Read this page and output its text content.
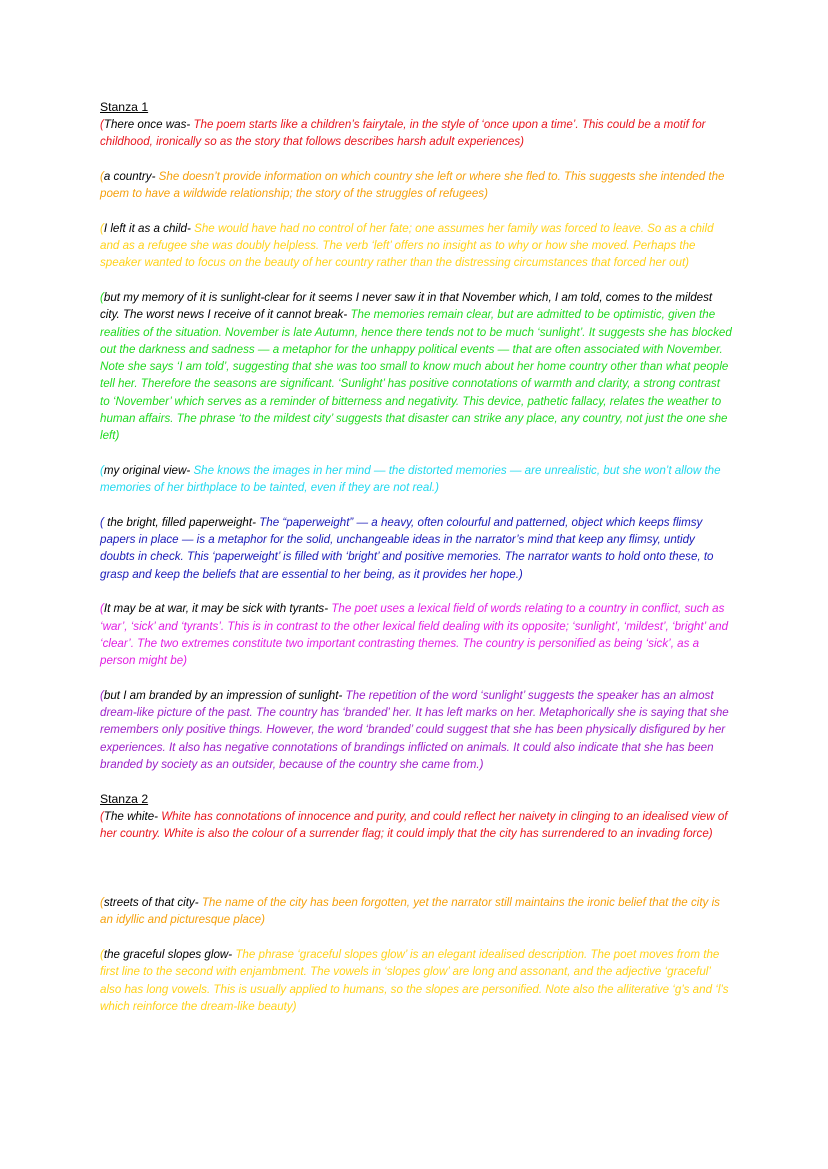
Stanza 1

(There once was- The poem starts like a children’s fairytale, in the style of ‘once upon a time’. This could be a motif for childhood, ironically so as the story that follows describes harsh adult experiences)

(a country- She doesn’t provide information on which country she left or where she fled to. This suggests she intended the poem to have a wildwide relationship; the story of the struggles of refugees)

(I left it as a child- She would have had no control of her fate; one assumes her family was forced to leave. So as a child and as a refugee she was doubly helpless. The verb ‘left’ offers no insight as to why or how she moved. Perhaps the speaker wanted to focus on the beauty of her country rather than the distressing circumstances that forced her out)

(but my memory of it is sunlight-clear for it seems I never saw it in that November which, I am told, comes to the mildest city. The worst news I receive of it cannot break- The memories remain clear, but are admitted to be optimistic, given the realities of the situation. November is late Autumn, hence there tends not to be much ‘sunlight’. It suggests she has blocked out the darkness and sadness — a metaphor for the unhappy political events — that are often associated with November. Note she says ‘I am told’, suggesting that she was too small to know much about her home country other than what people tell her. Therefore the seasons are significant. ‘Sunlight’ has positive connotations of warmth and clarity, a strong contrast to ‘November’ which serves as a reminder of bitterness and negativity. This device, pathetic fallacy, relates the weather to human affairs. The phrase ‘to the mildest city’ suggests that disaster can strike any place, any country, not just the one she left)

(my original view- She knows the images in her mind — the distorted memories — are unrealistic, but she won’t allow the memories of her birthplace to be tainted, even if they are not real.)

( the bright, filled paperweight- The “paperweight” — a heavy, often colourful and patterned, object which keeps flimsy papers in place — is a metaphor for the solid, unchangeable ideas in the narrator’s mind that keep any flimsy, untidy doubts in check. This ‘paperweight’ is filled with ‘bright’ and positive memories. The narrator wants to hold onto these, to grasp and keep the beliefs that are essential to her being, as it provides her hope.)

(It may be at war, it may be sick with tyrants- The poet uses a lexical field of words relating to a country in conflict, such as ‘war’, ‘sick’ and ‘tyrants’. This is in contrast to the other lexical field dealing with its opposite; ‘sunlight’, ‘mildest’, ‘bright’ and ‘clear’. The two extremes constitute two important contrasting themes. The country is personified as being ‘sick’, as a person might be)

(but I am branded by an impression of sunlight- The repetition of the word ‘sunlight’ suggests the speaker has an almost dream-like picture of the past. The country has ‘branded’ her. It has left marks on her. Metaphorically she is saying that she remembers only positive things. However, the word ‘branded’ could suggest that she has been physically disfigured by her experiences. It also has negative connotations of brandings inflicted on animals. It could also indicate that she has been branded by society as an outsider, because of the country she came from.)

Stanza 2

(The white- White has connotations of innocence and purity, and could reflect her naivety in clinging to an idealised view of her country. White is also the colour of a surrender flag; it could imply that the city has surrendered to an invading force)

(streets of that city- The name of the city has been forgotten, yet the narrator still maintains the ironic belief that the city is an idyllic and picturesque place)

(the graceful slopes glow- The phrase ‘graceful slopes glow’ is an elegant idealised description. The poet moves from the first line to the second with enjambment. The vowels in ‘slopes glow’ are long and assonant, and the adjective ‘graceful’ also has long vowels. This is usually applied to humans, so the slopes are personified. Note also the alliterative ‘g’s and ‘l’s which reinforce the dream-like beauty)
